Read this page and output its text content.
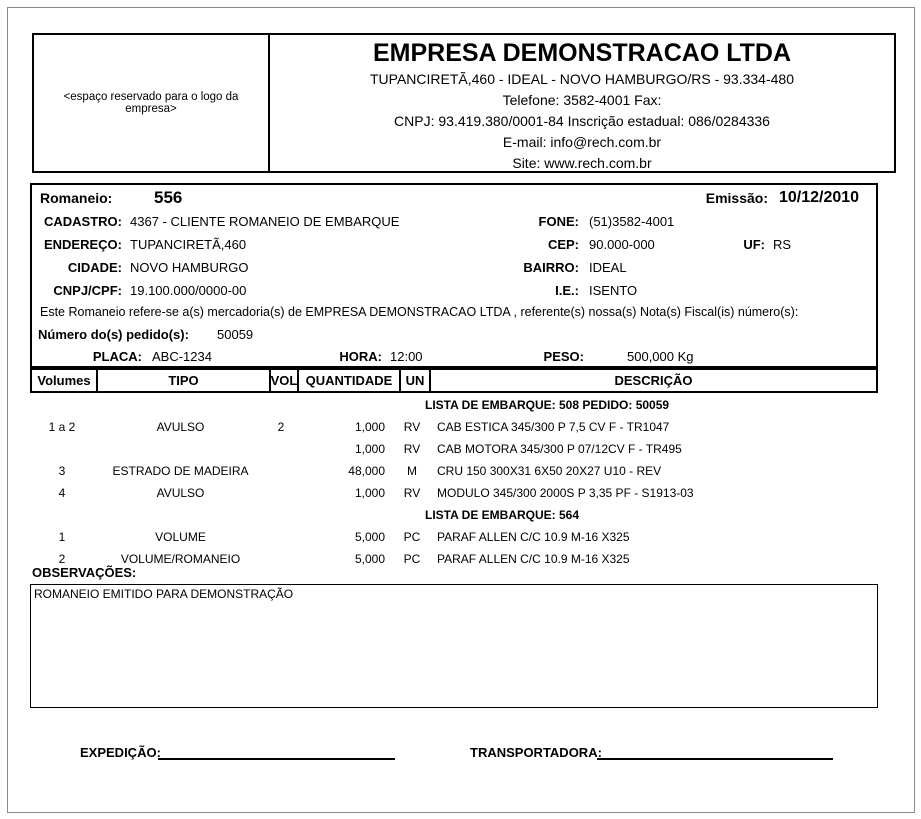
<espaço reservado para o logo da empresa>
EMPRESA DEMONSTRACAO LTDA
TUPANCIRETÃ,460 - IDEAL - NOVO HAMBURGO/RS - 93.334-480
Telefone: 3582-4001 Fax:
CNPJ: 93.419.380/0001-84 Inscrição estadual: 086/0284336
E-mail: info@rech.com.br
Site: www.rech.com.br
Romaneio: 556	Emissão: 10/12/2010
CADASTRO: 4367 - CLIENTE ROMANEIO DE EMBARQUE	FONE: (51)3582-4001
ENDEREÇO: TUPANCIRETÃ,460	CEP: 90.000-000	UF: RS
CIDADE: NOVO HAMBURGO	BAIRRO: IDEAL
CNPJ/CPF: 19.100.000/0000-00	I.E.: ISENTO
Este Romaneio refere-se a(s) mercadoria(s) de EMPRESA DEMONSTRACAO LTDA , referente(s) nossa(s) Nota(s) Fiscal(is) número(s):
Número do(s) pedido(s): 50059
PLACA: ABC-1234	HORA: 12:00	PESO:	500,000 Kg
Volumes	TIPO	VOL QUANTIDADE	UN	DESCRIÇÃO
LISTA DE EMBARQUE: 508 PEDIDO: 50059
1 a 2	AVULSO	2	1,000	RV	CAB ESTICA 345/300 P 7,5 CV F - TR1047
1,000	RV	CAB MOTORA 345/300 P 07/12CV F - TR495
3	ESTRADO DE MADEIRA	48,000	M	CRU 150 300X31 6X50 20X27 U10 - REV
4	AVULSO	1,000	RV	MODULO 345/300 2000S P 3,35 PF - S1913-03
LISTA DE EMBARQUE: 564
1	VOLUME	5,000	PC	PARAF ALLEN C/C 10.9 M-16 X325
2	VOLUME/ROMANEIO	5,000	PC	PARAF ALLEN C/C 10.9 M-16 X325
OBSERVAÇÕES:
ROMANEIO EMITIDO PARA DEMONSTRAÇÃO
EXPEDIÇÃO:	TRANSPORTADORA:
